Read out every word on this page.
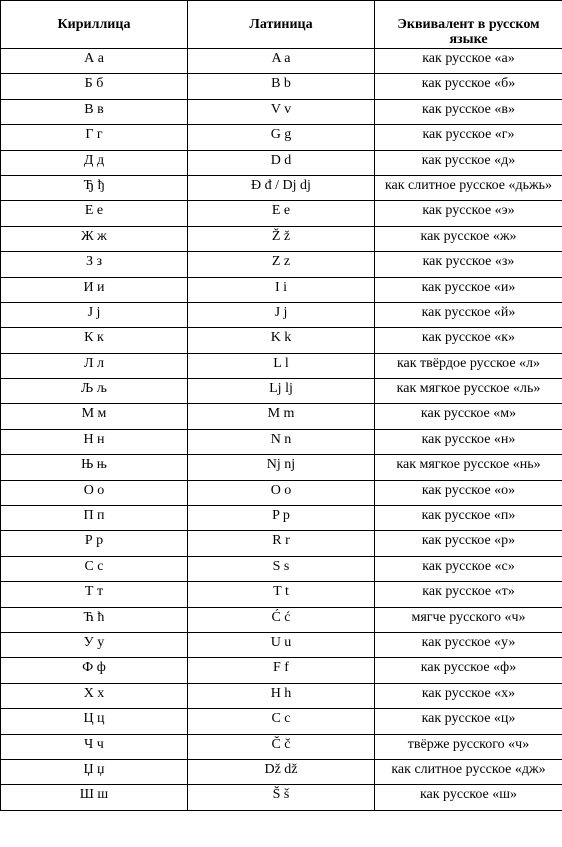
Кириллица	Латиница	Эквивалент в русском языке
А а	A a	как русское «а»
Б б	B b	как русское «б»
В в	V v	как русское «в»
Г г	G g	как русское «г»
Д д	D d	как русское «д»
Ђ ђ	Đ đ / Dj dj	как слитное русское «дьжь»
Е е	E e	как русское «э»
Ж ж	Ž ž	как русское «ж»
З з	Z z	как русское «з»
И и	I i	как русское «и»
J j	J j	как русское «й»
К к	K k	как русское «к»
Л л	L l	как твёрдое русское «л»
Љ љ	Lj lj	как мягкое русское «ль»
М м	M m	как русское «м»
Н н	N n	как русское «н»
Њ њ	Nj nj	как мягкое русское «нь»
О о	O o	как русское «о»
П п	P p	как русское «п»
Р р	R r	как русское «р»
С с	S s	как русское «с»
Т т	T t	как русское «т»
Ћ ћ	Ć ć	мягче русского «ч»
У у	U u	как русское «у»
Ф ф	F f	как русское «ф»
Х х	H h	как русское «х»
Ц ц	C c	как русское «ц»
Ч ч	Č č	твёрже русского «ч»
Џ џ	Dž dž	как слитное русское «дж»
Ш ш	Š š	как русское «ш»
